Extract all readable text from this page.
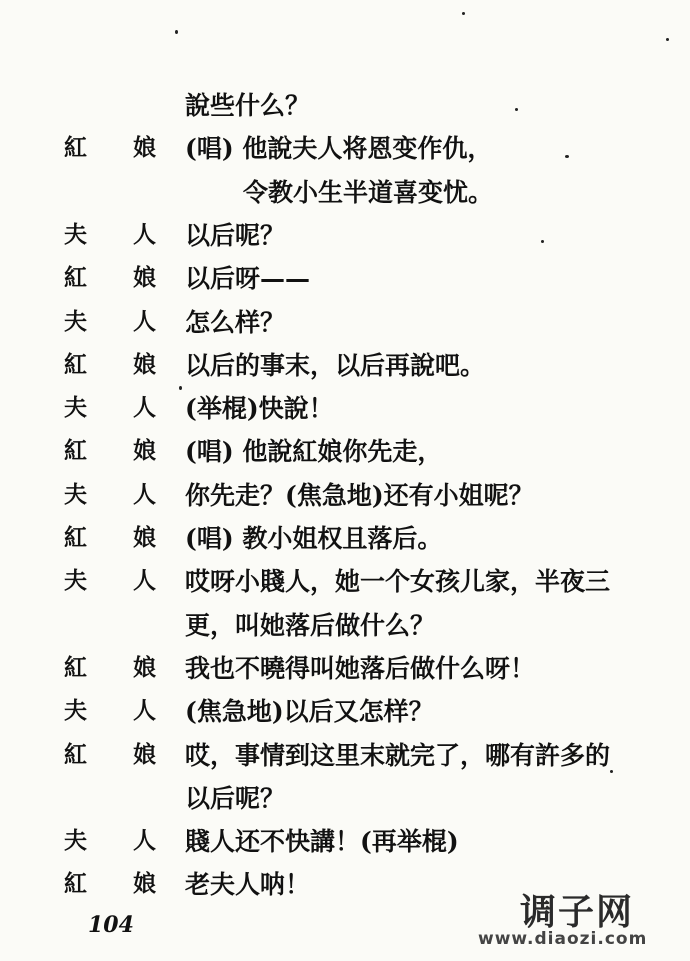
說些什么？
紅 娘 (唱) 他說夫人将恩变作仇，
令教小生半道喜变忧。
夫 人 以后呢？
紅 娘 以后呀——
夫 人 怎么样？
紅 娘 以后的事末，以后再說吧。
夫 人 (举棍)快說！
紅 娘 (唱) 他說紅娘你先走，
夫 人 你先走？(焦急地)还有小姐呢？
紅 娘 (唱) 教小姐权且落后。
夫 人 哎呀小賤人，她一个女孩儿家，半夜三
更，叫她落后做什么？
紅 娘 我也不曉得叫她落后做什么呀！
夫 人 (焦急地)以后又怎样？
紅 娘 哎，事情到这里末就完了，哪有許多的
以后呢？
夫 人 賤人还不快講！(再举棍)
紅 娘 老夫人呐！
104	调子网
www.diaozi.com
